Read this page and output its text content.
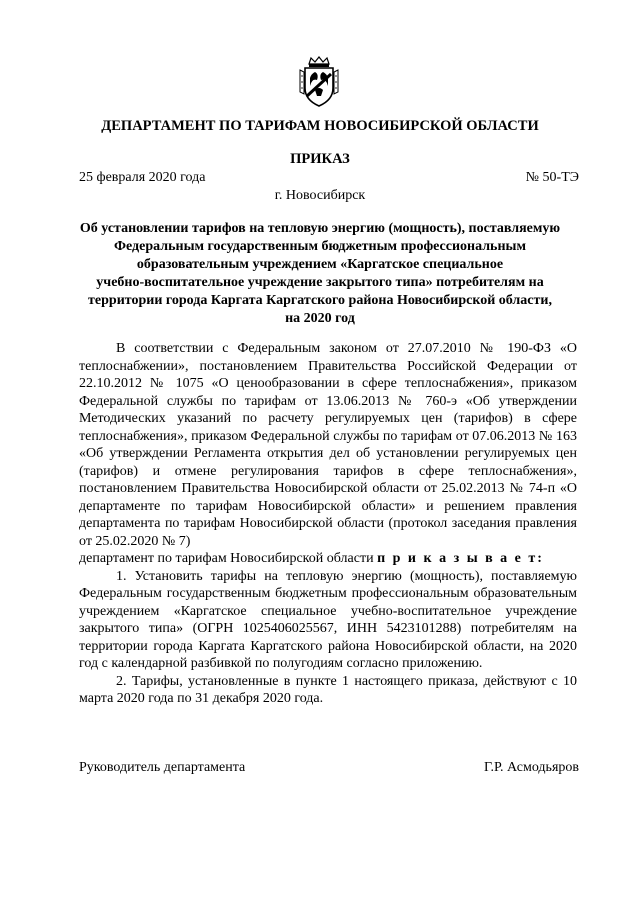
ДЕПАРТАМЕНТ ПО ТАРИФАМ НОВОСИБИРСКОЙ ОБЛАСТИ
ПРИКАЗ
25 февраля 2020 года	№ 50-ТЭ
г. Новосибирск
Об установлении тарифов на тепловую энергию (мощность), поставляемую
Федеральным государственным бюджетным профессиональным
образовательным учреждением «Каргатское специальное
учебно-воспитательное учреждение закрытого типа» потребителям на
территории города Каргата Каргатского района Новосибирской области,
на 2020 год

В соответствии с Федеральным законом от 27.07.2010 № 190-ФЗ «О теплоснабжении», постановлением Правительства Российской Федерации от 22.10.2012 № 1075 «О ценообразовании в сфере теплоснабжения», приказом Федеральной службы по тарифам от 13.06.2013 № 760-э «Об утверждении Методических указаний по расчету регулируемых цен (тарифов) в сфере теплоснабжения», приказом Федеральной службы по тарифам от 07.06.2013 № 163 «Об утверждении Регламента открытия дел об установлении регулируемых цен (тарифов) и отмене регулирования тарифов в сфере теплоснабжения», постановлением Правительства Новосибирской области от 25.02.2013 № 74-п «О департаменте по тарифам Новосибирской области» и решением правления департамента по тарифам Новосибирской области (протокол заседания правления от 25.02.2020 № 7)

департамент по тарифам Новосибирской области п р и к а з ы в а е т:

1. Установить тарифы на тепловую энергию (мощность), поставляемую Федеральным государственным бюджетным профессиональным образовательным учреждением «Каргатское специальное учебно-воспитательное учреждение закрытого типа» (ОГРН 1025406025567, ИНН 5423101288) потребителям на территории города Каргата Каргатского района Новосибирской области, на 2020 год с календарной разбивкой по полугодиям согласно приложению.

2. Тарифы, установленные в пункте 1 настоящего приказа, действуют с 10 марта 2020 года по 31 декабря 2020 года.

Руководитель департамента	Г.Р. Асмодьяров
